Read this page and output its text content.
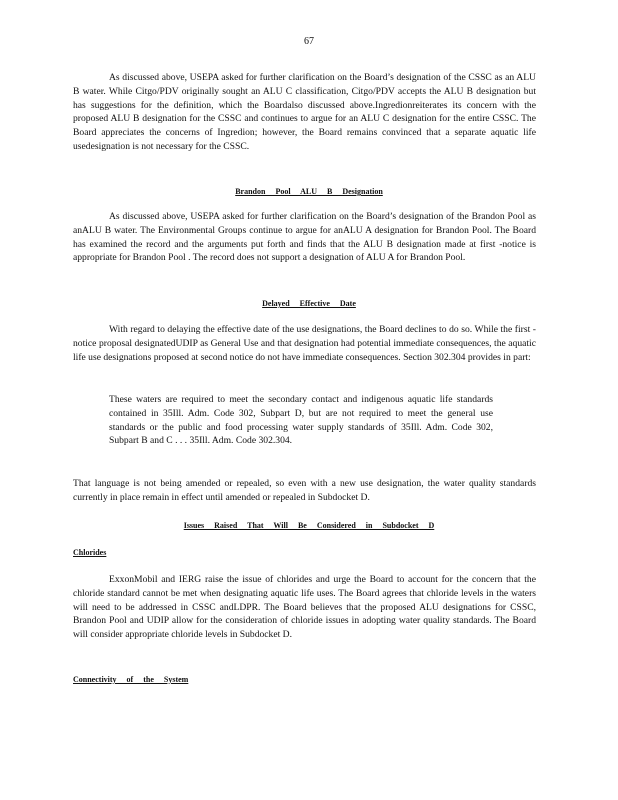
67

As discussed above, USEPA asked for further clarification on the Board’s designation of the CSSC as an ALU B water. While Citgo/PDV originally sought an ALU C classification, Citgo/PDV accepts the ALU B designation but has suggestions for the definition, which the Boardalso discussed above.Ingredionreiterates its concern with the proposed ALU B designation for the CSSC and continues to argue for an ALU C designation for the entire CSSC. The Board appreciates the concerns of Ingredion; however, the Board remains convinced that a separate aquatic life usedesignation is not necessary for the CSSC.

Brandon Pool ALU B Designation

As discussed above, USEPA asked for further clarification on the Board’s designation of the Brandon Pool as anALU B water. The Environmental Groups continue to argue for anALU A designation for Brandon Pool. The Board has examined the record and the arguments put forth and finds that the ALU B designation made at first -notice is appropriate for Brandon Pool . The record does not support a designation of ALU A for Brandon Pool.

Delayed Effective Date

With regard to delaying the effective date of the use designations, the Board declines to do so. While the first -notice proposal designatedUDIP as General Use and that designation had potential immediate consequences, the aquatic life use designations proposed at second notice do not have immediate consequences. Section 302.304 provides in part:

These waters are required to meet the secondary contact and indigenous aquatic life standards contained in 35Ill. Adm. Code 302, Subpart D, but are not required to meet the general use standards or the public and food processing water supply standards of 35Ill. Adm. Code 302, Subpart B and C . . . 35Ill. Adm. Code 302.304.

That language is not being amended or repealed, so even with a new use designation, the water quality standards currently in place remain in effect until amended or repealed in Subdocket D.

Issues Raised That Will Be Considered in Subdocket D

Chlorides

ExxonMobil and IERG raise the issue of chlorides and urge the Board to account for the concern that the chloride standard cannot be met when designating aquatic life uses. The Board agrees that chloride levels in the waters will need to be addressed in CSSC andLDPR. The Board believes that the proposed ALU designations for CSSC, Brandon Pool and UDIP allow for the consideration of chloride issues in adopting water quality standards. The Board will consider appropriate chloride levels in Subdocket D.

Connectivity of the System
